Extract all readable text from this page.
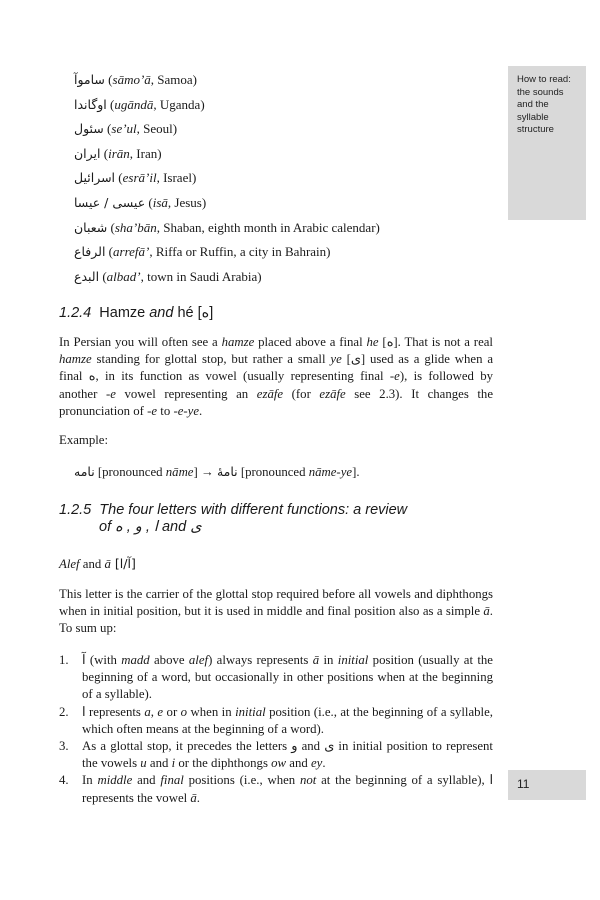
How to read: the sounds and the syllable structure
ساموآ (sāmo’ā, Samoa)
اوگاندا (ugāndā, Uganda)
سئول (se’ul, Seoul)
ایران (irān, Iran)
اسرائیل (esrā’il, Israel)
عیسی / عیسا (isā, Jesus)
شعبان (sha’bān, Shaban, eighth month in Arabic calendar)
الرفاع (arrefā’, Riffa or Ruffin, a city in Bahrain)
البدع (albad’, town in Saudi Arabia)
1.2.4 Hamze and hé [ه]
In Persian you will often see a hamze placed above a final he [ه]. That is not a real hamze standing for glottal stop, but rather a small ye [ی] used as a glide when a final ه, in its function as vowel (usually representing final -e), is followed by another -e vowel representing an ezāfe (for ezāfe see 2.3). It changes the pronunciation of -e to -e-ye.
Example:
نامه [pronounced nāme] → نامهٔ [pronounced nāme-ye].
1.2.5 The four letters with different functions: a review
of ا , و , ه and ی
Alef and ā [آ/ا]
This letter is the carrier of the glottal stop required before all vowels and diphthongs when in initial position, but it is used in middle and final position also as a simple ā. To sum up:
1.	آ (with madd above alef) always represents ā in initial position (usually at the beginning of a word, but occasionally in other positions when at the beginning of a syllable).
2.	ا represents a, e or o when in initial position (i.e., at the beginning of a syllable, which often means at the beginning of a word).
3.	As a glottal stop, it precedes the letters و and ی in initial position to represent the vowels u and i or the diphthongs ow and ey.
4.	In middle and final positions (i.e., when not at the beginning of a syllable), ا represents the vowel ā.
11
